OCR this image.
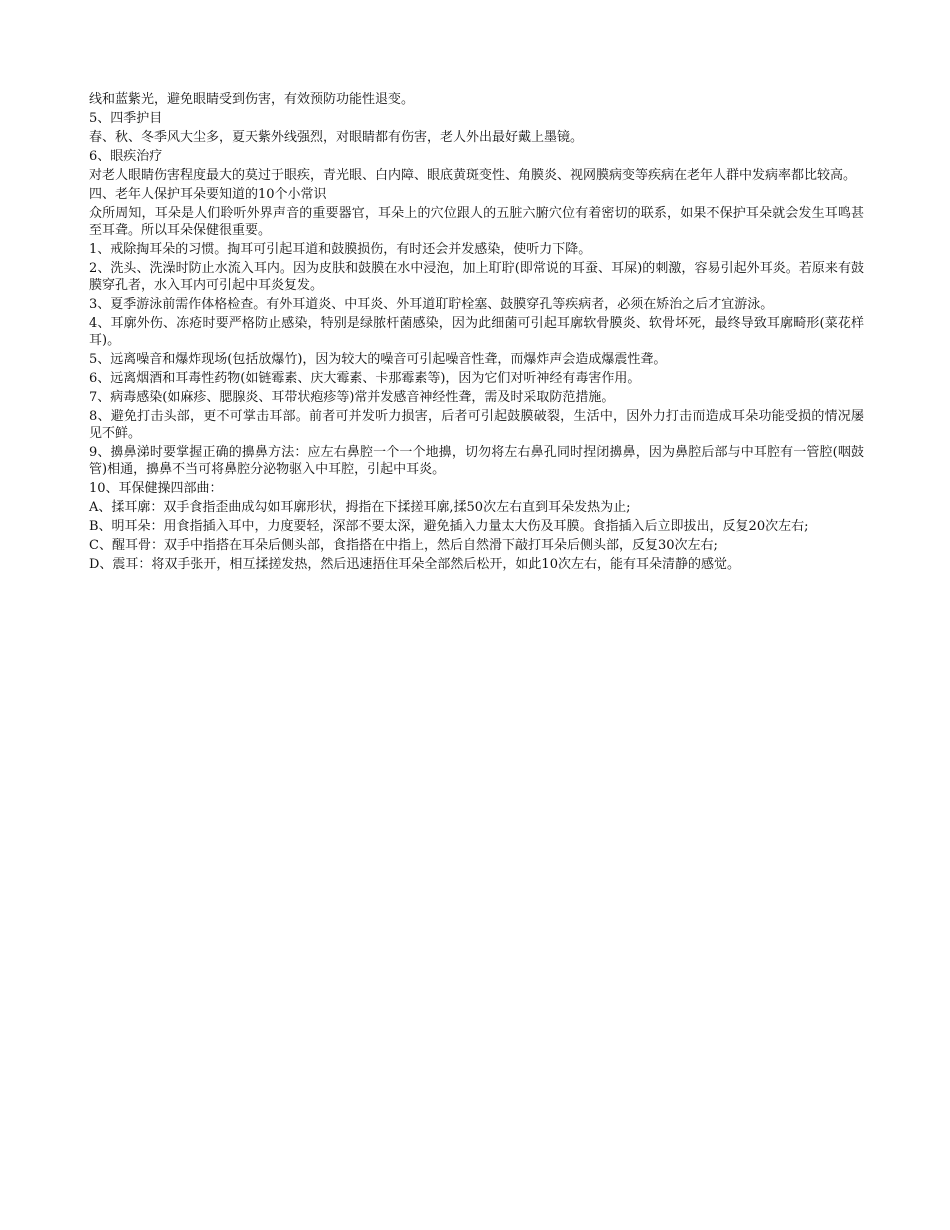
线和蓝紫光，避免眼睛受到伤害，有效预防功能性退变。

5、四季护目

春、秋、冬季风大尘多，夏天紫外线强烈，对眼睛都有伤害，老人外出最好戴上墨镜。

6、眼疾治疗

对老人眼睛伤害程度最大的莫过于眼疾，青光眼、白内障、眼底黄斑变性、角膜炎、视网膜病变等疾病在老年人群中发病率都比较高。

四、老年人保护耳朵要知道的10个小常识

众所周知，耳朵是人们聆听外界声音的重要器官，耳朵上的穴位跟人的五脏六腑穴位有着密切的联系，如果不保护耳朵就会发生耳鸣甚至耳聋。所以耳朵保健很重要。

1、戒除掏耳朵的习惯。掏耳可引起耳道和鼓膜损伤，有时还会并发感染，使听力下降。

2、洗头、洗澡时防止水流入耳内。因为皮肤和鼓膜在水中浸泡，加上耵聍(即常说的耳蚕、耳屎)的刺激，容易引起外耳炎。若原来有鼓膜穿孔者，水入耳内可引起中耳炎复发。

3、夏季游泳前需作体格检查。有外耳道炎、中耳炎、外耳道耵聍栓塞、鼓膜穿孔等疾病者，必须在矫治之后才宜游泳。

4、耳廓外伤、冻疮时要严格防止感染，特别是绿脓杆菌感染，因为此细菌可引起耳廓软骨膜炎、软骨坏死，最终导致耳廓畸形(菜花样耳)。

5、远离噪音和爆炸现场(包括放爆竹)，因为较大的噪音可引起噪音性聋，而爆炸声会造成爆震性聋。

6、远离烟酒和耳毒性药物(如链霉素、庆大霉素、卡那霉素等)，因为它们对听神经有毒害作用。

7、病毒感染(如麻疹、腮腺炎、耳带状疱疹等)常并发感音神经性聋，需及时采取防范措施。

8、避免打击头部，更不可掌击耳部。前者可并发听力损害，后者可引起鼓膜破裂，生活中，因外力打击而造成耳朵功能受损的情况屡见不鲜。

9、擤鼻涕时要掌握正确的擤鼻方法：应左右鼻腔一个一个地擤，切勿将左右鼻孔同时捏闭擤鼻，因为鼻腔后部与中耳腔有一管腔(咽鼓管)相通，擤鼻不当可将鼻腔分泌物驱入中耳腔，引起中耳炎。

10、耳保健操四部曲：

A、揉耳廓：双手食指歪曲成勾如耳廓形状，拇指在下揉搓耳廓,揉50次左右直到耳朵发热为止;

B、明耳朵：用食指插入耳中，力度要轻，深部不要太深，避免插入力量太大伤及耳膜。食指插入后立即拔出，反复20次左右;

C、醒耳骨：双手中指搭在耳朵后侧头部，食指搭在中指上，然后自然滑下敲打耳朵后侧头部，反复30次左右;

D、震耳：将双手张开，相互揉搓发热，然后迅速捂住耳朵全部然后松开，如此10次左右，能有耳朵清静的感觉。
